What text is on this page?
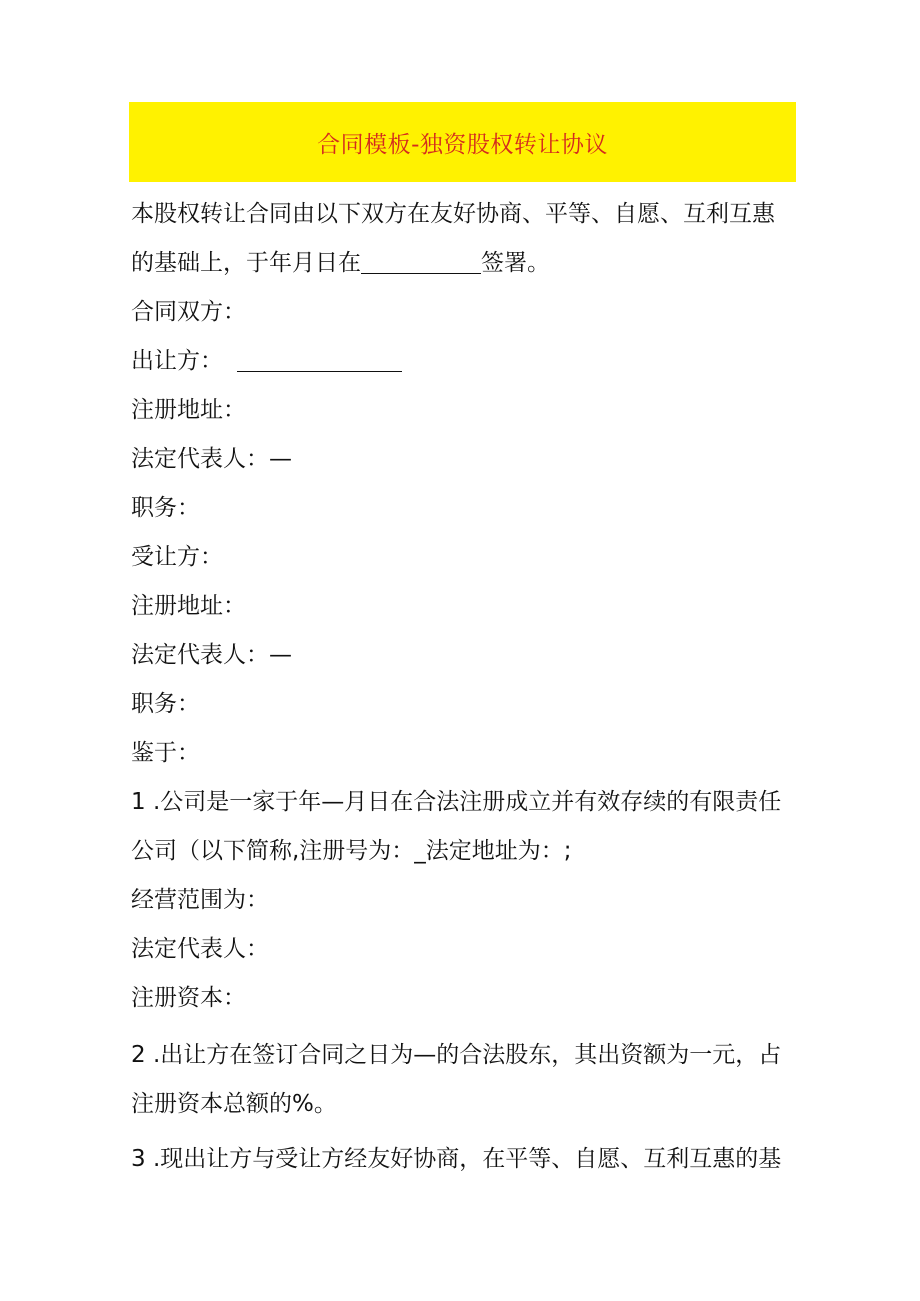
合同模板-独资股权转让协议
本股权转让合同由以下双方在友好协商、平等、自愿、互利互惠
的基础上，于年月日在	签署。
合同双方：
出让方：
注册地址：
法定代表人：—
职务：
受让方：
注册地址：
法定代表人：—
职务：
鉴于：
1 .公司是一家于年—月日在合法注册成立并有效存续的有限责任
公司（以下简称,注册号为：_法定地址为：;
经营范围为：
法定代表人：
注册资本：
2 .出让方在签订合同之日为—的合法股东，其出资额为一元，占
注册资本总额的%。
3 .现出让方与受让方经友好协商，在平等、自愿、互利互惠的基
